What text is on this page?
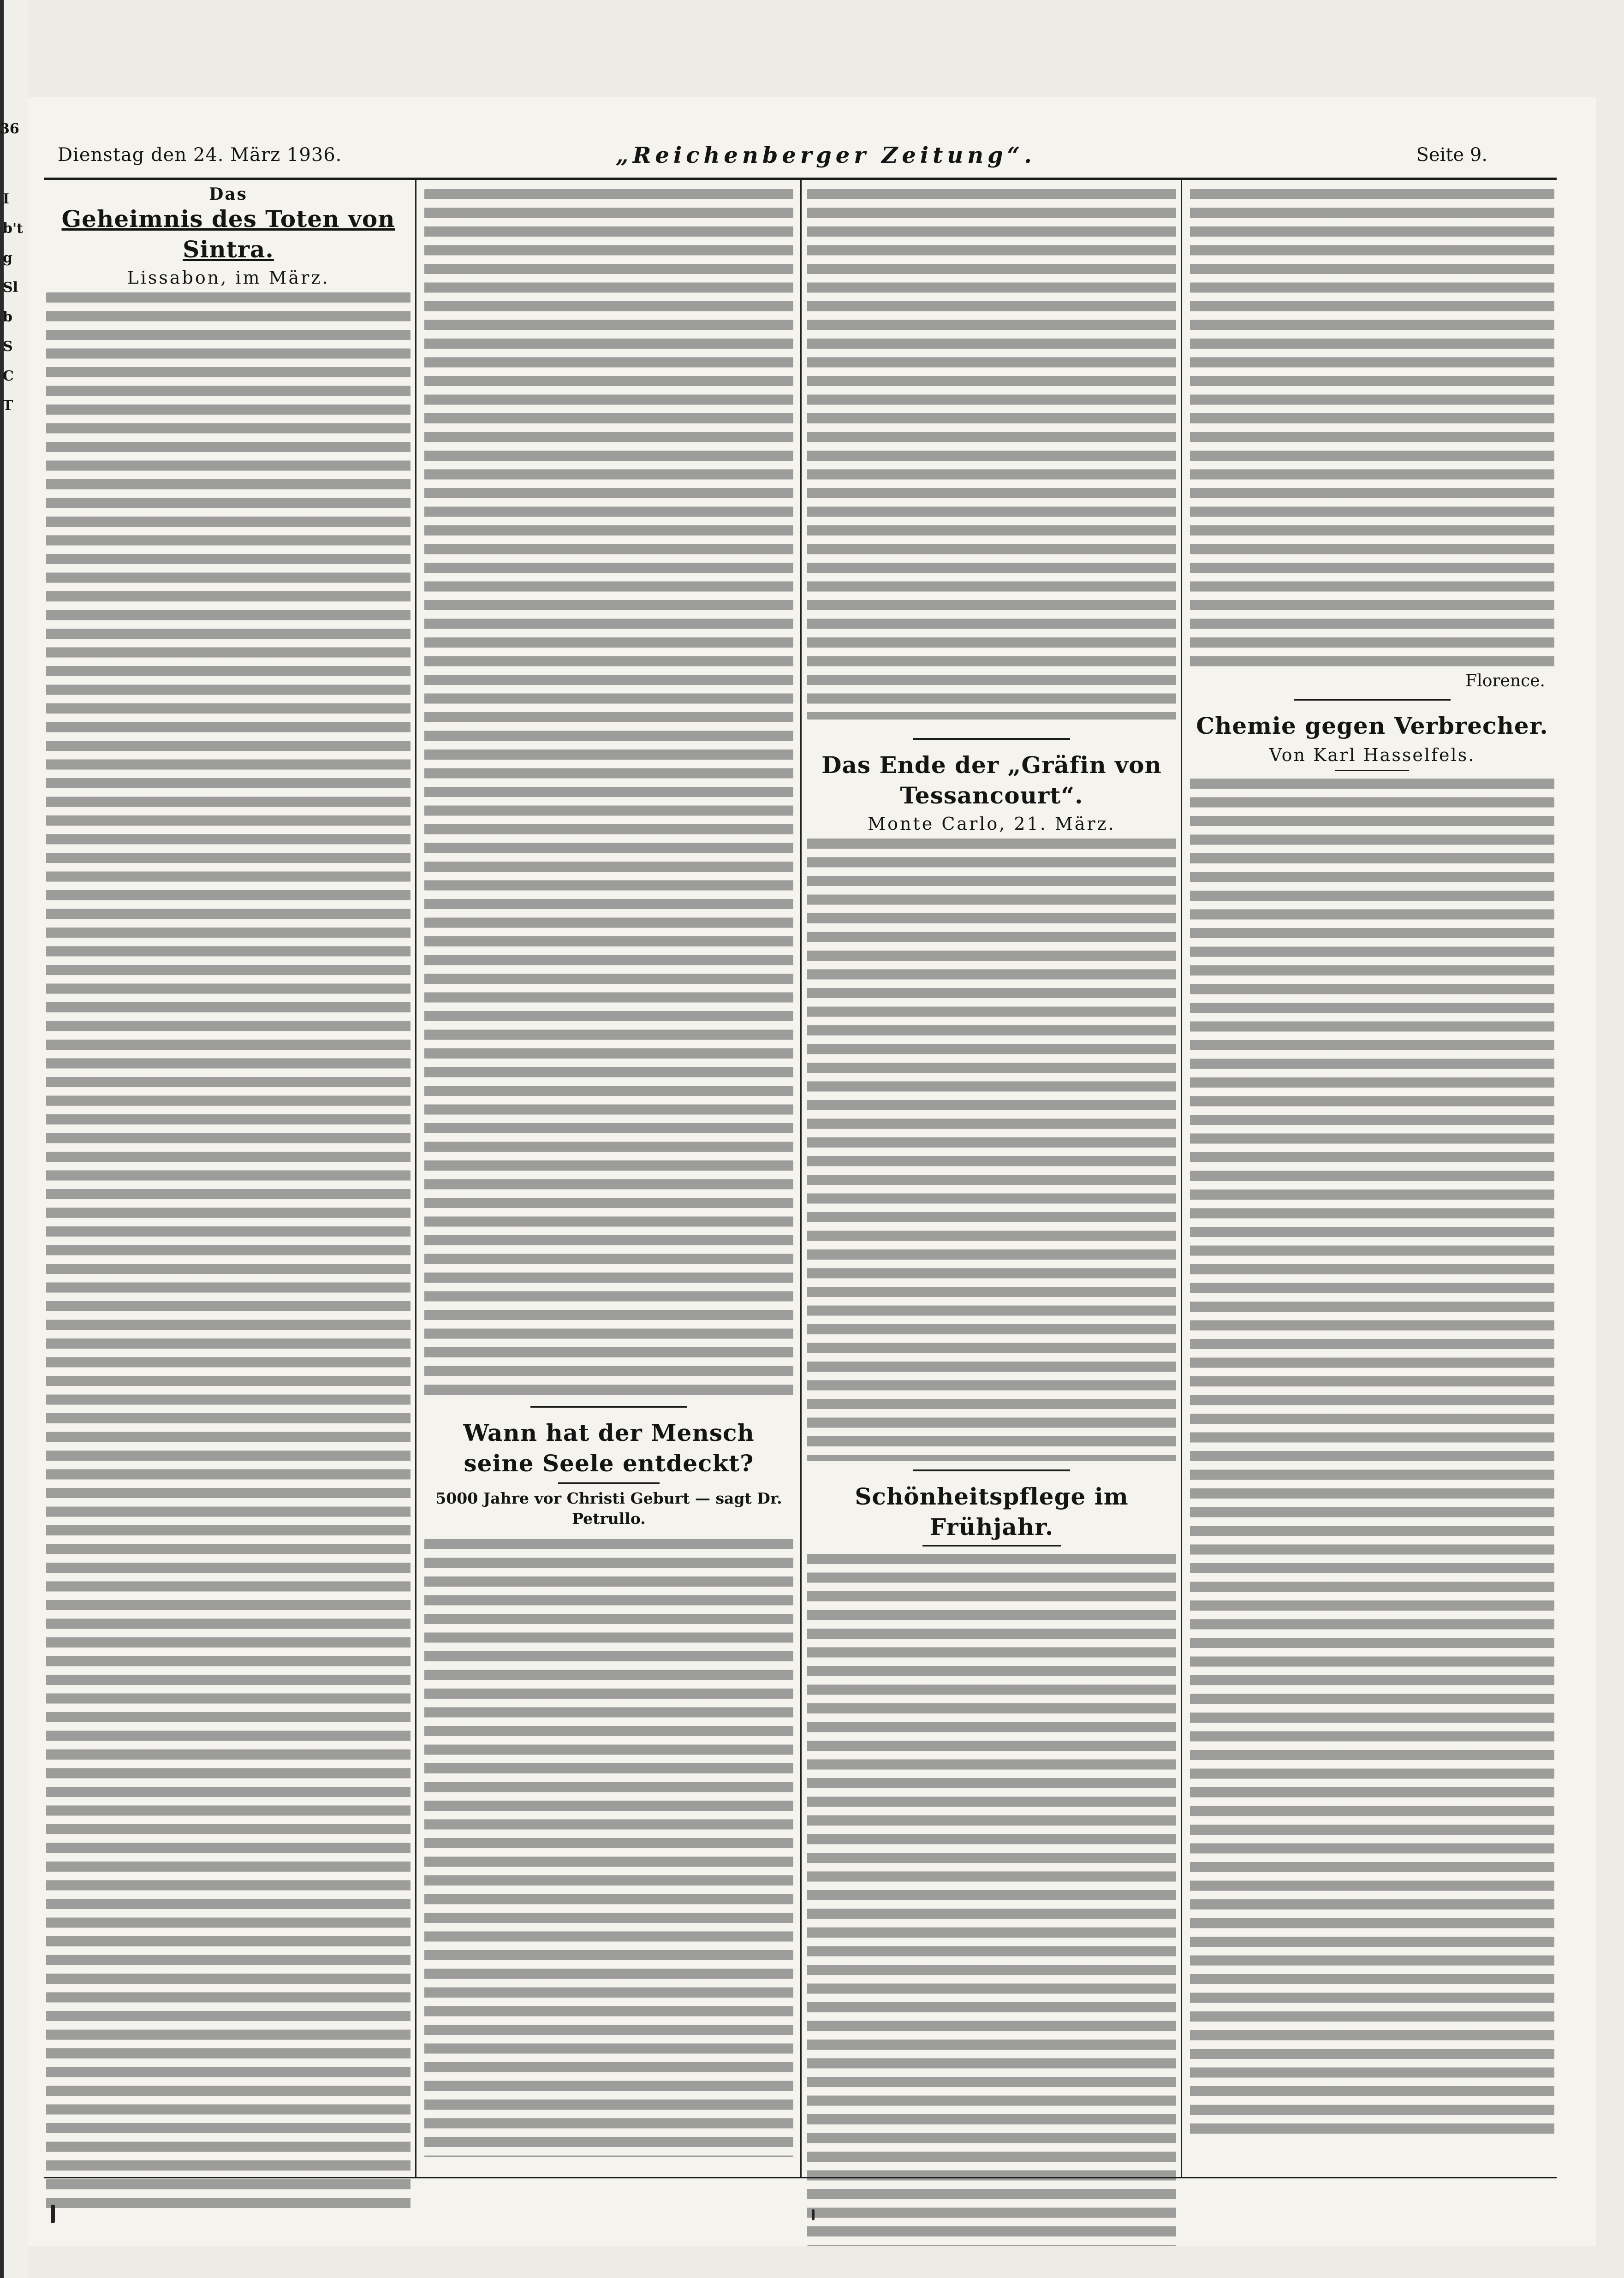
36
Ib'tgSlbSCT
Dienstag den 24. März 1936.	„Reichenberger Zeitung“.	Seite 9.
Das
Geheimnis des Toten von Sintra.
Lissabon, im März.
Wann hat der Mensch seine Seele entdeckt?
5000 Jahre vor Christi Geburt — sagt Dr. Petrullo.
Das Ende der „Gräfin von Tessancourt“.
Monte Carlo, 21. März.
Schönheitspflege im Frühjahr.
Florence.
Chemie gegen Verbrecher.
Von Karl Hasselfels.
